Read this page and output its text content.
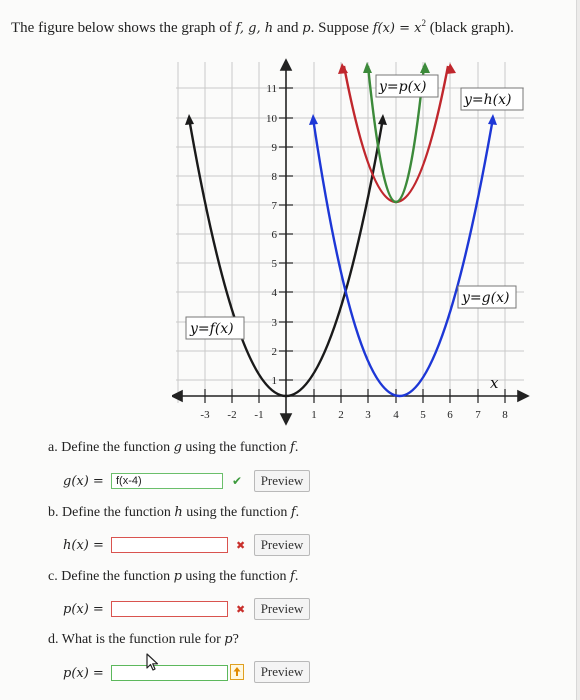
The figure below shows the graph of f, g, h and p. Suppose $f(x) = x^2$ (black graph).
1
2
3
4
5
6
7
8
9
10
11
-3 -2 -1	1 2 3 4 5 6 7 8
x
y=f(x)
y=g(x)
y=h(x)
y=p(x)
a. Define the function g using the function f.
g(x) =	f(x-4)	✔	Preview
b. Define the function h using the function f.
h(x) =	✖	Preview
c. Define the function p using the function f.
p(x) =	✖	Preview
d. What is the function rule for p?
p(x) =	Preview
